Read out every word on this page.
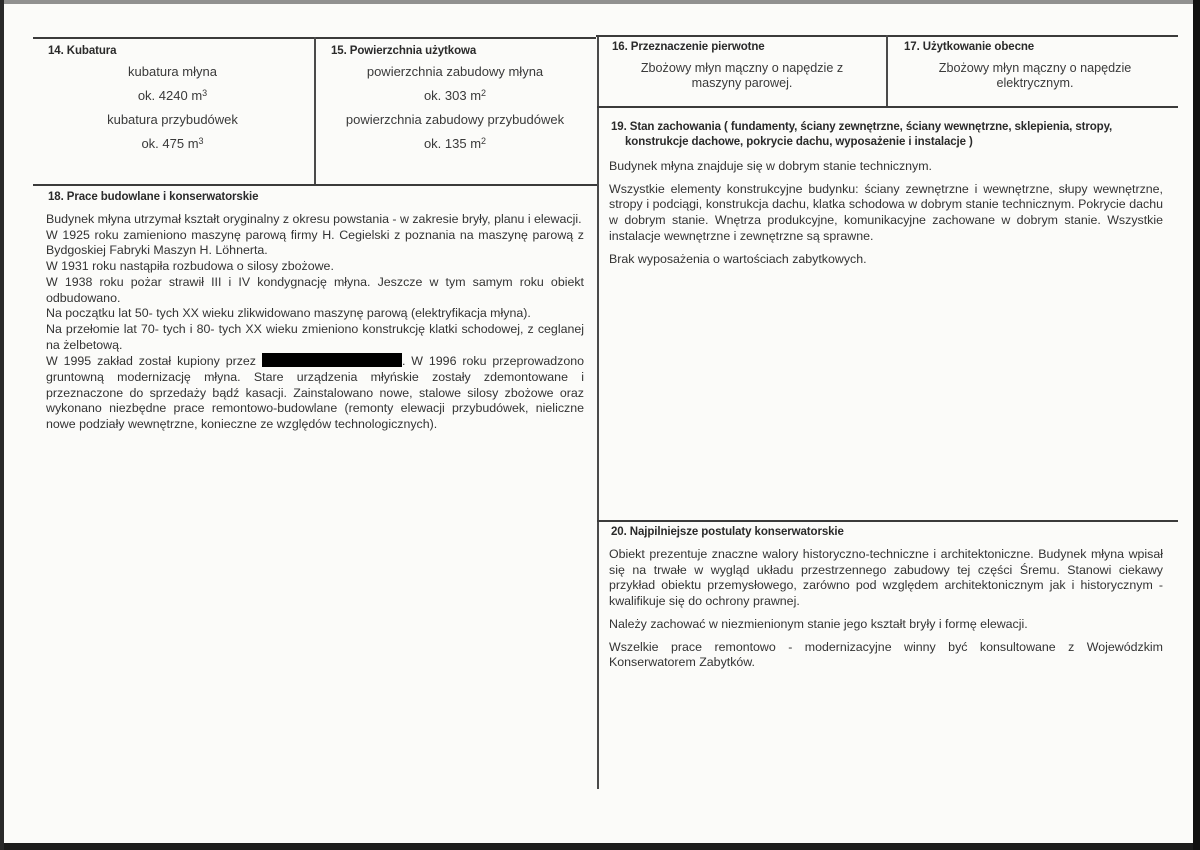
14. Kubatura
kubatura młyna
ok. 4240 $m^3$
kubatura przybudówek
ok. 475 $m^3$
15. Powierzchnia użytkowa
powierzchnia zabudowy młyna
ok. 303 $m^2$
powierzchnia zabudowy przybudówek
ok. 135 $m^2$
16. Przeznaczenie pierwotne
Zbożowy młyn mączny o napędzie z
maszyny parowej.
17. Użytkowanie obecne
Zbożowy młyn mączny o napędzie
elektrycznym.
19. Stan zachowania ( fundamenty, ściany zewnętrzne, ściany wewnętrzne, sklepienia, stropy,
konstrukcje dachowe, pokrycie dachu, wyposażenie i instalacje )

Budynek młyna znajduje się w dobrym stanie technicznym.

Wszystkie elementy konstrukcyjne budynku: ściany zewnętrzne i wewnętrzne, słupy wewnętrzne, stropy i podciągi, konstrukcja dachu, klatka schodowa w dobrym stanie technicznym. Pokrycie dachu w dobrym stanie. Wnętrza produkcyjne, komunikacyjne zachowane w dobrym stanie. Wszystkie instalacje wewnętrzne i zewnętrzne są sprawne.

Brak wyposażenia o wartościach zabytkowych.

18. Prace budowlane i konserwatorskie

Budynek młyna utrzymał kształt oryginalny z okresu powstania - w zakresie bryły, planu i elewacji.

W 1925 roku zamieniono maszynę parową firmy H. Cegielski z poznania na maszynę parową z Bydgoskiej Fabryki Maszyn H. Löhnerta.

W 1931 roku nastąpiła rozbudowa o silosy zbożowe.

W 1938 roku pożar strawił III i IV kondygnację młyna. Jeszcze w tym samym roku obiekt odbudowano.

Na początku lat 50- tych XX wieku zlikwidowano maszynę parową (elektryfikacja młyna).

Na przełomie lat 70- tych i 80- tych XX wieku zmieniono konstrukcję klatki schodowej, z ceglanej na żelbetową.

W 1995 zakład został kupiony przez	. W 1996 roku przeprowadzono gruntowną modernizację młyna. Stare urządzenia młyńskie zostały zdemontowane i przeznaczone do sprzedaży bądź kasacji. Zainstalowano nowe, stalowe silosy zbożowe oraz wykonano niezbędne prace remontowo-budowlane (remonty elewacji przybudówek, nieliczne nowe podziały wewnętrzne, konieczne ze względów technologicznych).

20. Najpilniejsze postulaty konserwatorskie

Obiekt prezentuje znaczne walory historyczno-techniczne i architektoniczne. Budynek młyna wpisał się na trwałe w wygląd układu przestrzennego zabudowy tej części Śremu. Stanowi ciekawy przykład obiektu przemysłowego, zarówno pod względem architektonicznym jak i historycznym - kwalifikuje się do ochrony prawnej.

Należy zachować w niezmienionym stanie jego kształt bryły i formę elewacji.

Wszelkie prace remontowo - modernizacyjne winny być konsultowane z Wojewódzkim Konserwatorem Zabytków.
